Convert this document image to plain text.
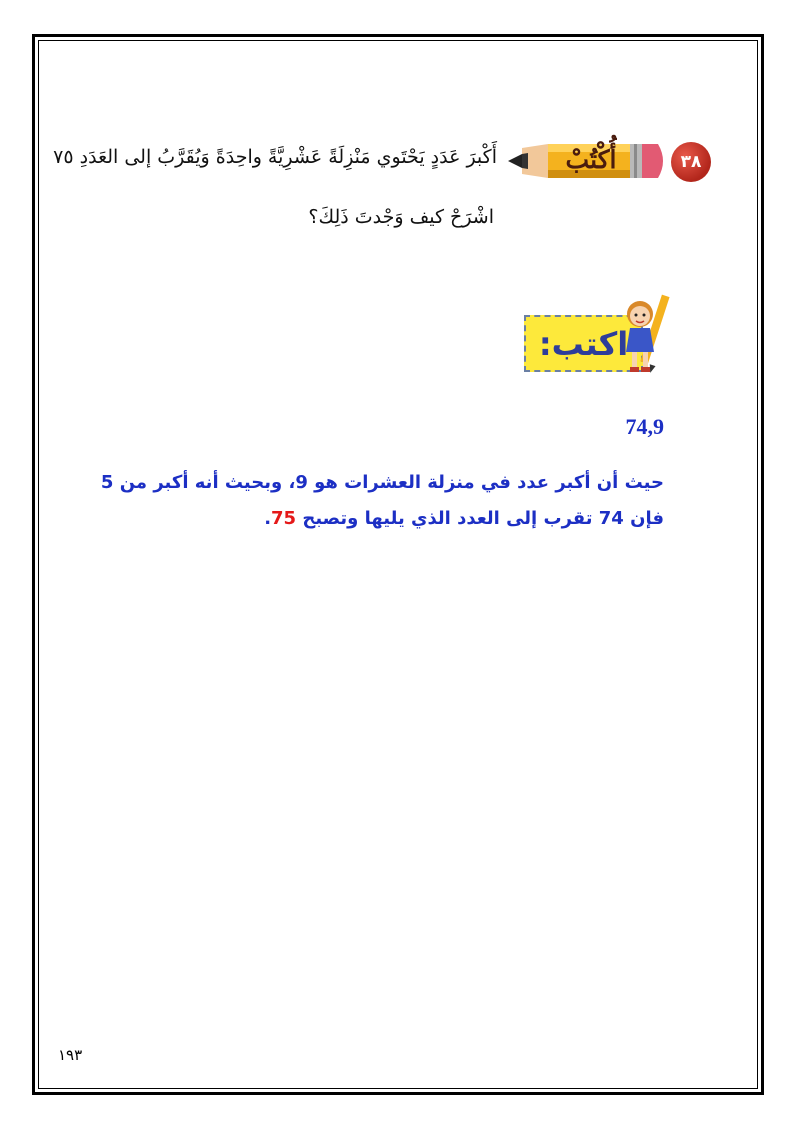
٣٨
أُكْتُبْ
أَكْبرَ عَدَدٍ يَحْتَوي مَنْزِلَةً عَشْرِيَّةً واحِدَةً وَيُقَرَّبُ إلى العَدَدِ ٧٥
اشْرَحْ كيف وَجْدتَ ذَلِكَ؟
اكتب:
74,9
حيث أن أكبر عدد في منزلة العشرات هو 9، وبحيث أنه أكبر من 5
فإن 74 تقرب إلى العدد الذي يليها وتصبح 75.
١٩٣
